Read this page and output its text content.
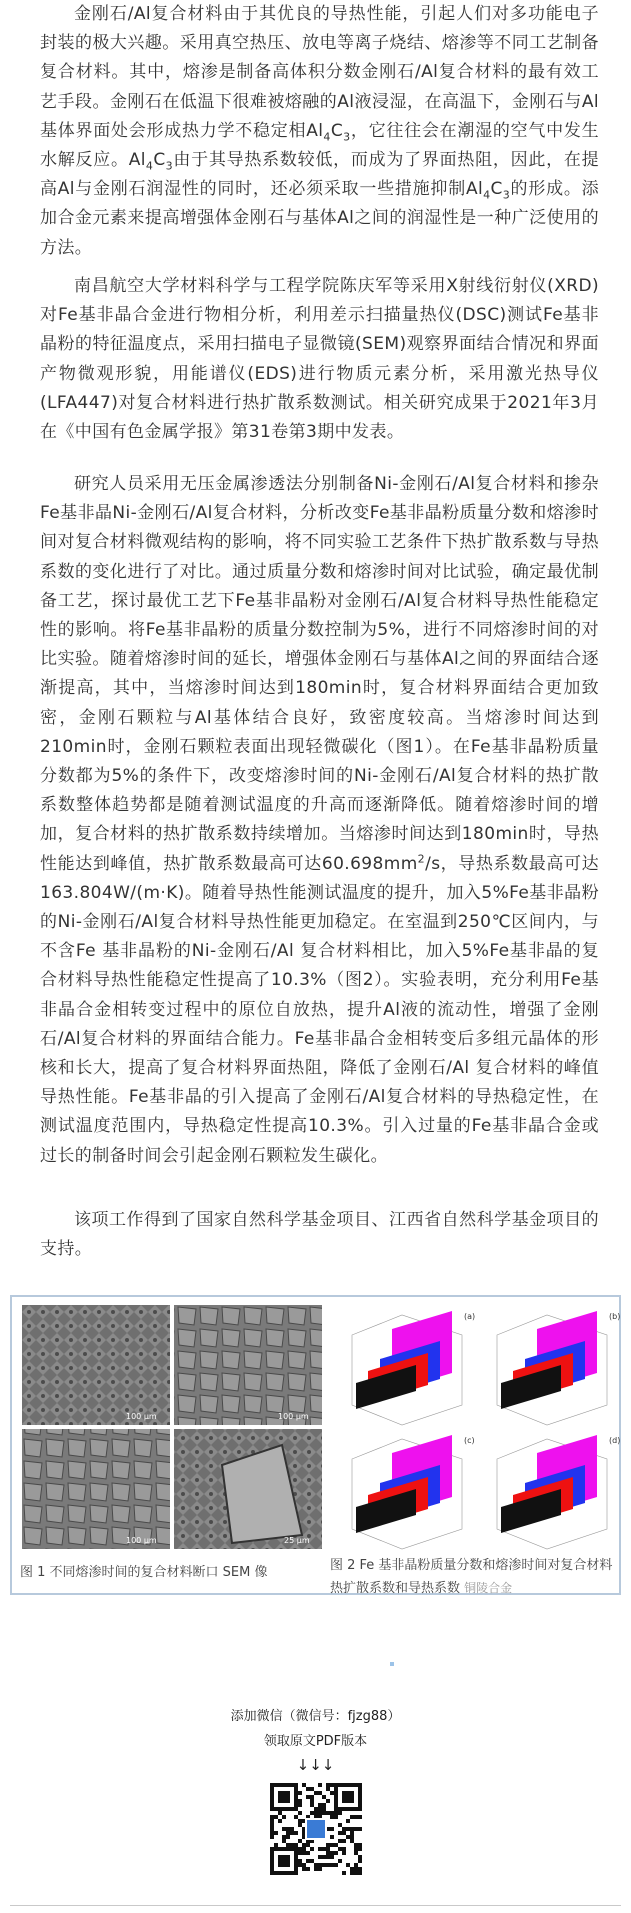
金刚石/Al复合材料由于其优良的导热性能，引起人们对多功能电子封装的极大兴趣。采用真空热压、放电等离子烧结、熔渗等不同工艺制备复合材料。其中，熔渗是制备高体积分数金刚石/Al复合材料的最有效工艺手段。金刚石在低温下很难被熔融的Al液浸湿，在高温下，金刚石与Al基体界面处会形成热力学不稳定相$Al_4C_3$，它往往会在潮湿的空气中发生水解反应。$Al_4C_3$由于其导热系数较低，而成为了界面热阻，因此，在提高Al与金刚石润湿性的同时，还必须采取一些措施抑制$Al_4C_3$的形成。添加合金元素来提高增强体金刚石与基体Al之间的润湿性是一种广泛使用的方法。

南昌航空大学材料科学与工程学院陈庆军等采用X射线衍射仪(XRD)对Fe基非晶合金进行物相分析，利用差示扫描量热仪(DSC)测试Fe基非晶粉的特征温度点，采用扫描电子显微镜(SEM)观察界面结合情况和界面产物微观形貌，用能谱仪(EDS)进行物质元素分析，采用激光热导仪(LFA447)对复合材料进行热扩散系数测试。相关研究成果于2021年3月在《中国有色金属学报》第31卷第3期中发表。

研究人员采用无压金属渗透法分别制备Ni-金刚石/Al复合材料和掺杂Fe基非晶Ni-金刚石/Al复合材料，分析改变Fe基非晶粉质量分数和熔渗时间对复合材料微观结构的影响，将不同实验工艺条件下热扩散系数与导热系数的变化进行了对比。通过质量分数和熔渗时间对比试验，确定最优制备工艺，探讨最优工艺下Fe基非晶粉对金刚石/Al复合材料导热性能稳定性的影响。将Fe基非晶粉的质量分数控制为5%，进行不同熔渗时间的对比实验。随着熔渗时间的延长，增强体金刚石与基体Al之间的界面结合逐渐提高，其中，当熔渗时间达到180min时，复合材料界面结合更加致密，金刚石颗粒与Al基体结合良好，致密度较高。当熔渗时间达到210min时，金刚石颗粒表面出现轻微碳化（图1）。在Fe基非晶粉质量分数都为5%的条件下，改变熔渗时间的Ni-金刚石/Al复合材料的热扩散系数整体趋势都是随着测试温度的升高而逐渐降低。随着熔渗时间的增加，复合材料的热扩散系数持续增加。当熔渗时间达到180min时，导热性能达到峰值，热扩散系数最高可达$60.698mm^2/s$，导热系数最高可达163.804W/(m·K)。随着导热性能测试温度的提升，加入5%Fe基非晶粉的Ni-金刚石/Al复合材料导热性能更加稳定。在室温到250℃区间内，与不含Fe 基非晶粉的Ni-金刚石/Al 复合材料相比，加入5%Fe基非晶的复合材料导热性能稳定性提高了10.3%（图2）。实验表明，充分利用Fe基非晶合金相转变过程中的原位自放热，提升Al液的流动性，增强了金刚石/Al复合材料的界面结合能力。Fe基非晶合金相转变后多组元晶体的形核和长大，提高了复合材料界面热阻，降低了金刚石/Al 复合材料的峰值导热性能。Fe基非晶的引入提高了金刚石/Al复合材料的导热稳定性，在测试温度范围内，导热稳定性提高10.3%。引入过量的Fe基非晶合金或过长的制备时间会引起金刚石颗粒发生碳化。

该项工作得到了国家自然科学基金项目、江西省自然科学基金项目的支持。

100 μm	100 μm
100 μm	25 μm
(a)	(b)
(c)	(d)
图 1 不同熔渗时间的复合材料断口 SEM 像	图 2 Fe 基非晶粉质量分数和熔渗时间对复合材料热扩散系数和导热系数 铜陵合金
添加微信（微信号：fjzg88）
领取原文PDF版本
↓↓↓
